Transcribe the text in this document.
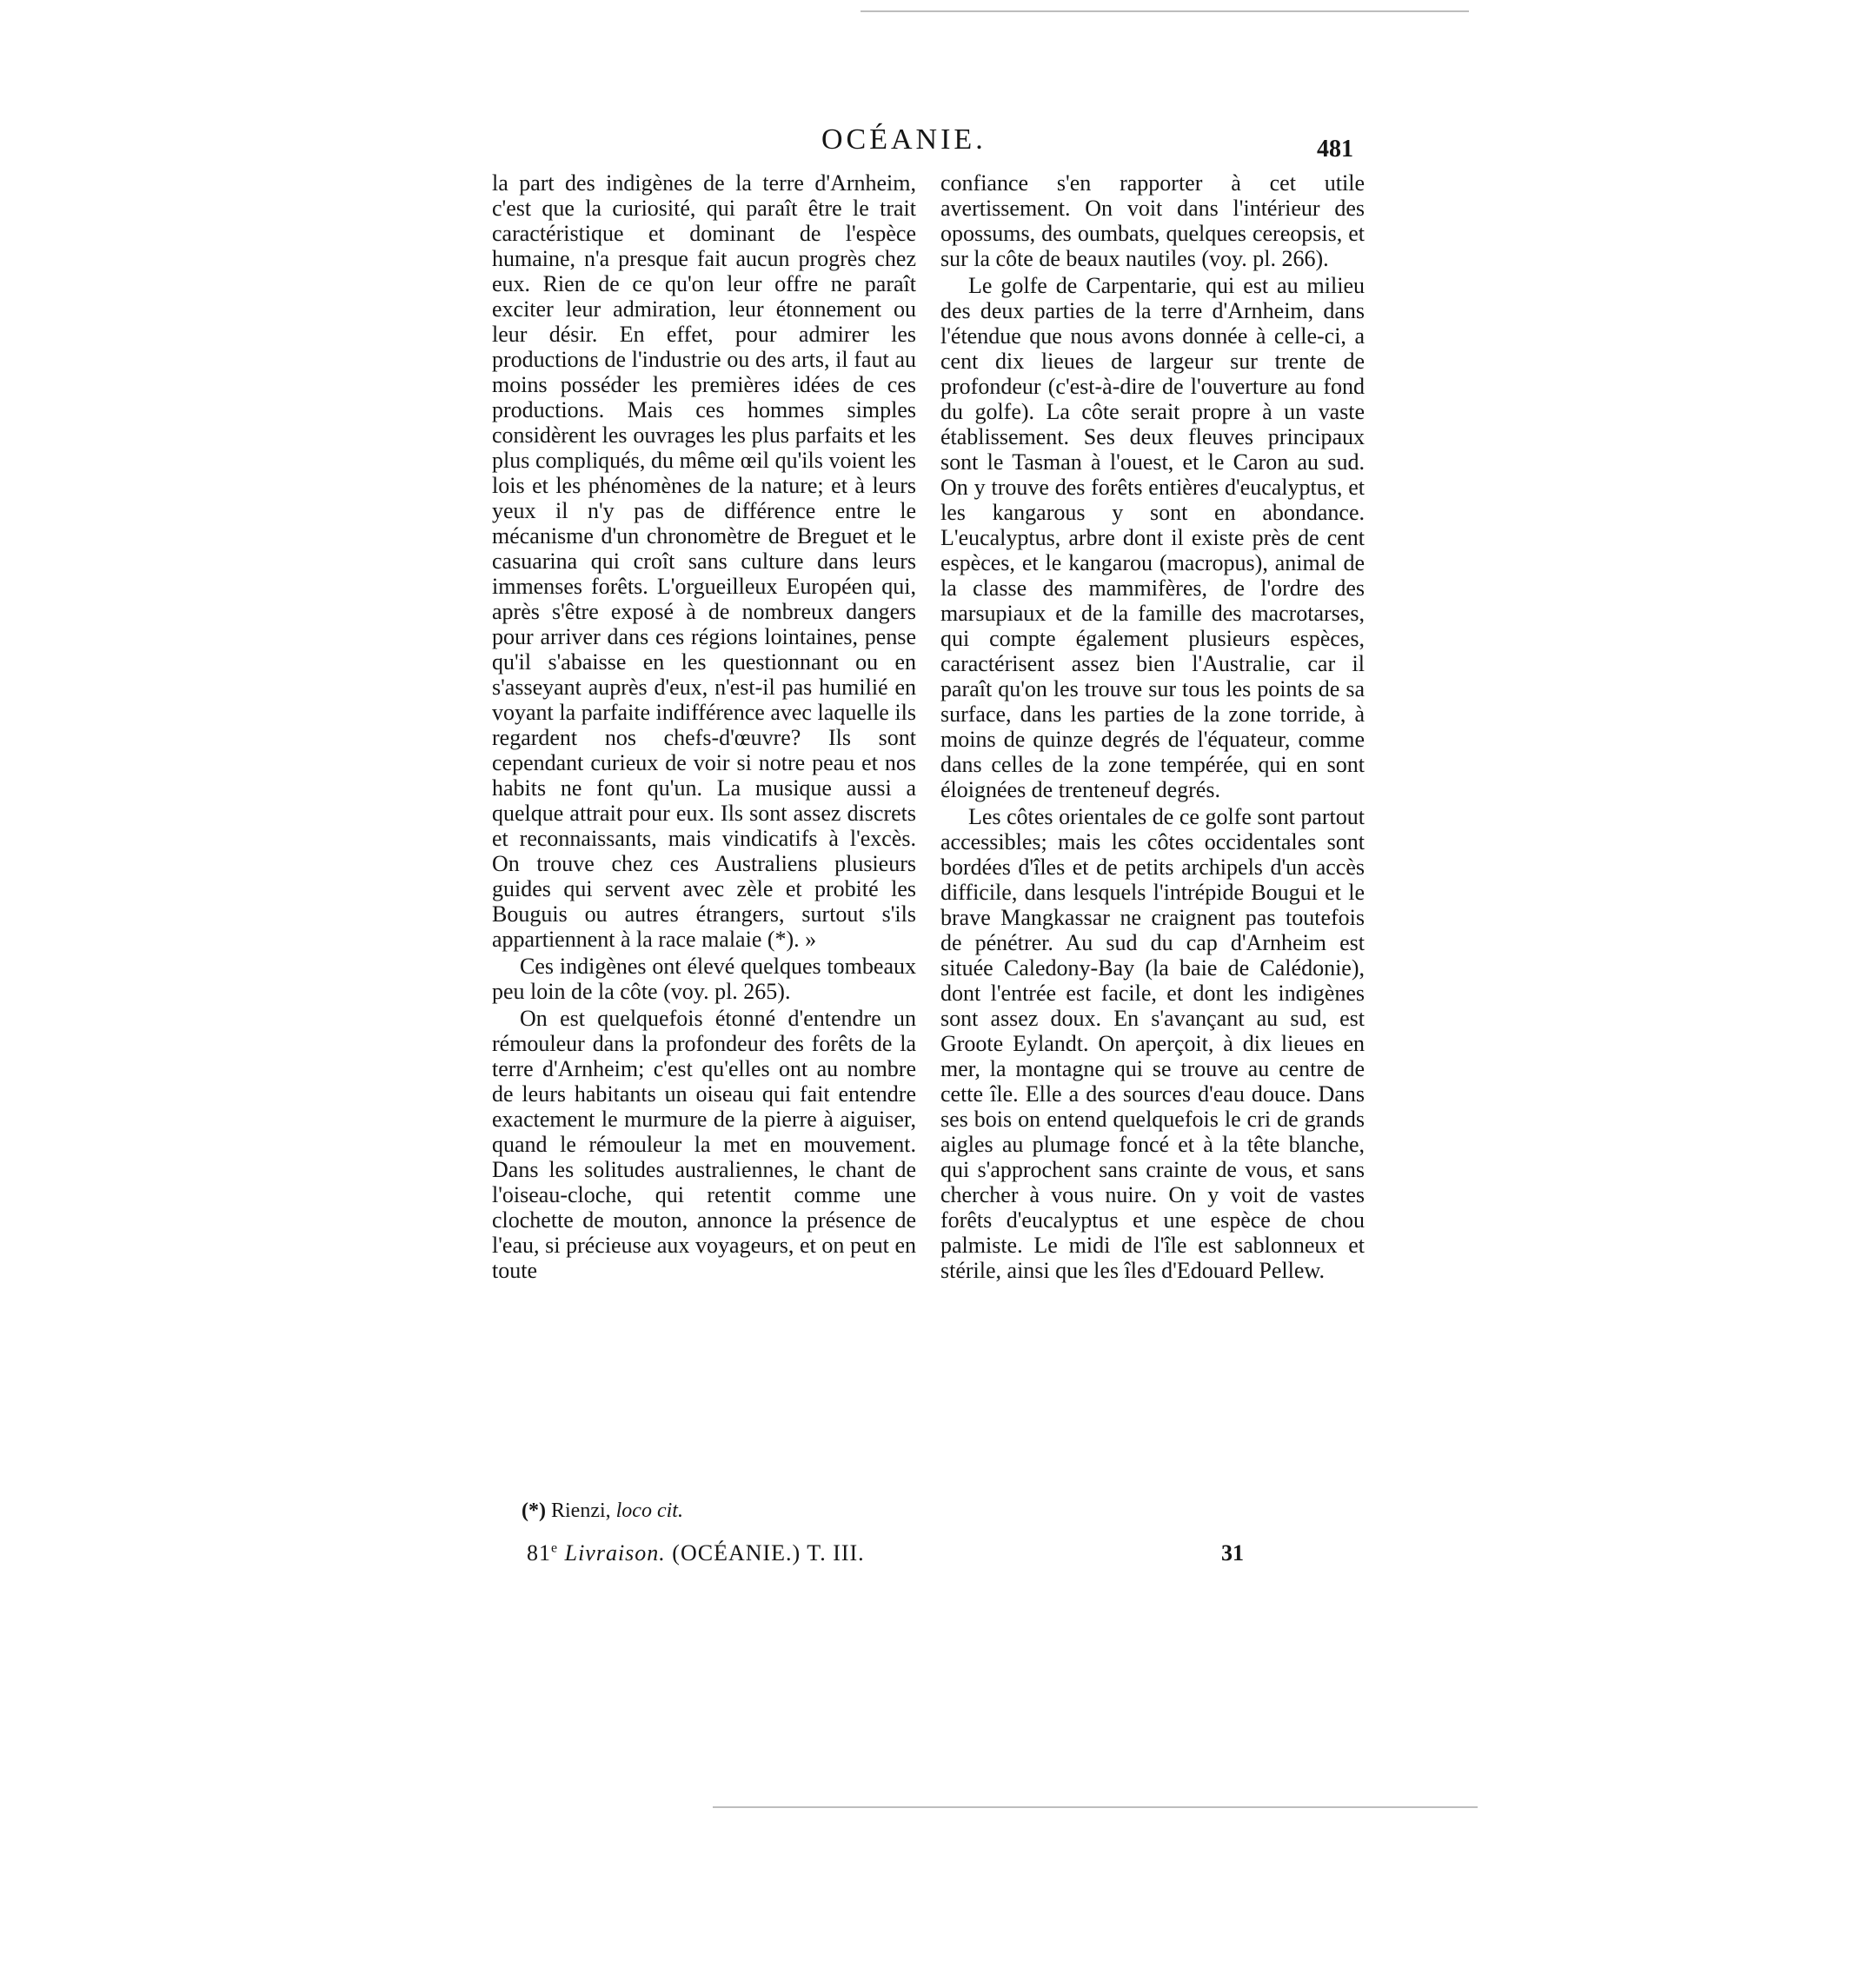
OCÉANIE.	481

la part des indigènes de la terre d'Arnheim, c'est que la curiosité, qui paraît être le trait caractéristique et dominant de l'espèce humaine, n'a presque fait aucun progrès chez eux. Rien de ce qu'on leur offre ne paraît exciter leur admiration, leur étonnement ou leur désir. En effet, pour admirer les productions de l'industrie ou des arts, il faut au moins posséder les premières idées de ces productions. Mais ces hommes simples considèrent les ouvrages les plus parfaits et les plus compliqués, du même œil qu'ils voient les lois et les phénomènes de la nature; et à leurs yeux il n'y pas de différence entre le mécanisme d'un chronomètre de Breguet et le casuarina qui croît sans culture dans leurs immenses forêts. L'orgueilleux Européen qui, après s'être exposé à de nombreux dangers pour arriver dans ces régions lointaines, pense qu'il s'abaisse en les questionnant ou en s'asseyant auprès d'eux, n'est-il pas humilié en voyant la parfaite indifférence avec laquelle ils regardent nos chefs-d'œuvre? Ils sont cependant curieux de voir si notre peau et nos habits ne font qu'un. La musique aussi a quelque attrait pour eux. Ils sont assez discrets et reconnaissants, mais vindicatifs à l'excès. On trouve chez ces Australiens plusieurs guides qui servent avec zèle et probité les Bouguis ou autres étrangers, surtout s'ils appartiennent à la race malaie (*). »

Ces indigènes ont élevé quelques tombeaux peu loin de la côte (voy. pl. 265).

On est quelquefois étonné d'entendre un rémouleur dans la profondeur des forêts de la terre d'Arnheim; c'est qu'elles ont au nombre de leurs habitants un oiseau qui fait entendre exactement le murmure de la pierre à aiguiser, quand le rémouleur la met en mouvement. Dans les solitudes australiennes, le chant de l'oiseau-cloche, qui retentit comme une clochette de mouton, annonce la présence de l'eau, si précieuse aux voyageurs, et on peut en toute

confiance s'en rapporter à cet utile avertissement. On voit dans l'intérieur des opossums, des oumbats, quelques cereopsis, et sur la côte de beaux nautiles (voy. pl. 266).

Le golfe de Carpentarie, qui est au milieu des deux parties de la terre d'Arnheim, dans l'étendue que nous avons donnée à celle-ci, a cent dix lieues de largeur sur trente de profondeur (c'est-à-dire de l'ouverture au fond du golfe). La côte serait propre à un vaste établissement. Ses deux fleuves principaux sont le Tasman à l'ouest, et le Caron au sud. On y trouve des forêts entières d'eucalyptus, et les kangarous y sont en abondance. L'eucalyptus, arbre dont il existe près de cent espèces, et le kangarou (macropus), animal de la classe des mammifères, de l'ordre des marsupiaux et de la famille des macrotarses, qui compte également plusieurs espèces, caractérisent assez bien l'Australie, car il paraît qu'on les trouve sur tous les points de sa surface, dans les parties de la zone torride, à moins de quinze degrés de l'équateur, comme dans celles de la zone tempérée, qui en sont éloignées de trenteneuf degrés.

Les côtes orientales de ce golfe sont partout accessibles; mais les côtes occidentales sont bordées d'îles et de petits archipels d'un accès difficile, dans lesquels l'intrépide Bougui et le brave Mangkassar ne craignent pas toutefois de pénétrer. Au sud du cap d'Arnheim est située Caledony-Bay (la baie de Calédonie), dont l'entrée est facile, et dont les indigènes sont assez doux. En s'avançant au sud, est Groote Eylandt. On aperçoit, à dix lieues en mer, la montagne qui se trouve au centre de cette île. Elle a des sources d'eau douce. Dans ses bois on entend quelquefois le cri de grands aigles au plumage foncé et à la tête blanche, qui s'approchent sans crainte de vous, et sans chercher à vous nuire. On y voit de vastes forêts d'eucalyptus et une espèce de chou palmiste. Le midi de l'île est sablonneux et stérile, ainsi que les îles d'Edouard Pellew.

(*) Rienzi, loco cit.
81e Livraison. (OCÉANIE.) T. III.	31
